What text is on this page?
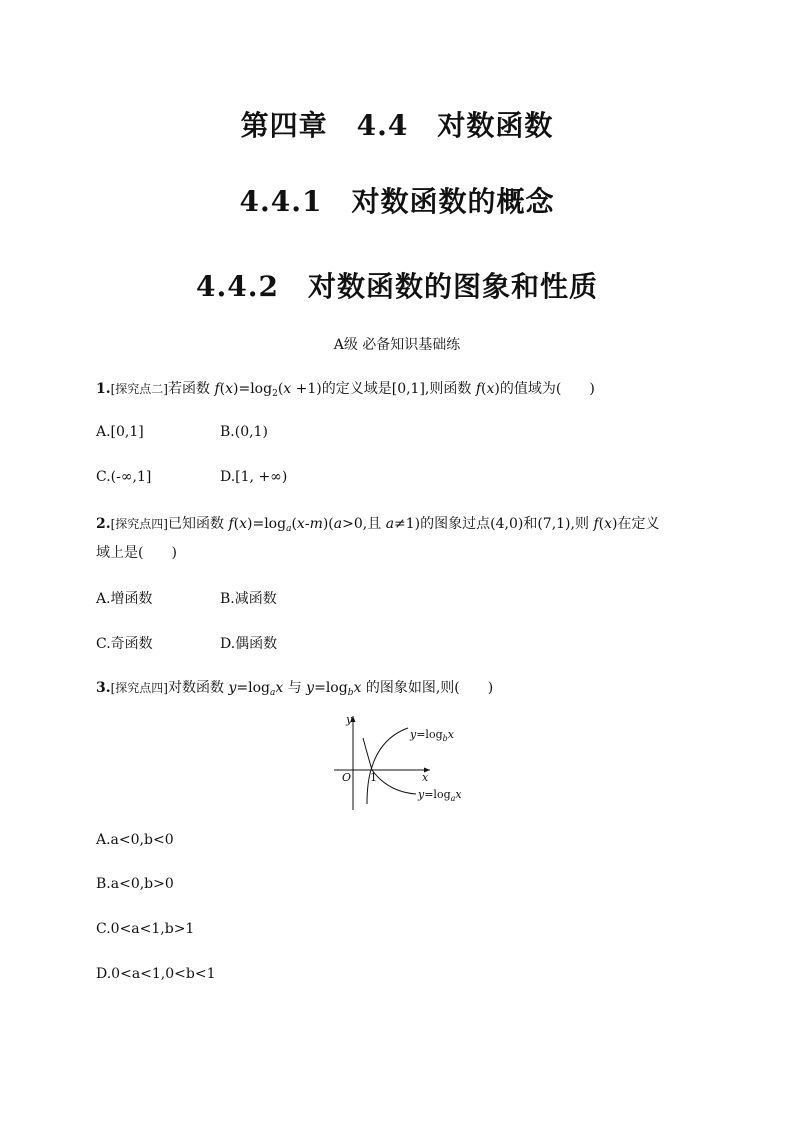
第四章　4.4　对数函数
4.4.1　对数函数的概念
4.4.2　对数函数的图象和性质
A级 必备知识基础练
1.[探究点二]若函数 $f(x)=\log_2(x +1)$的定义域是[0,1],则函数 f(x)的值域为(　　)
A.[0,1]	B.(0,1)
C.(-∞,1]	D.[1, +∞)
2.[探究点四]已知函数 $f(x)=\log_a(x-m)(a>0$,且 a≠1)的图象过点(4,0)和(7,1),则 f(x)在定义
域上是(　　)
A.增函数	B.减函数
C.奇函数	D.偶函数
3.[探究点四]对数函数 $y=\log_ax$ 与 $y=\log_bx$ 的图象如图,则(　　)
y
x
O 1
$y=\log_bx$
$y=\log_ax$
A.a<0,b<0
B.a<0,b>0
C.0<a<1,b>1
D.0<a<1,0<b<1
